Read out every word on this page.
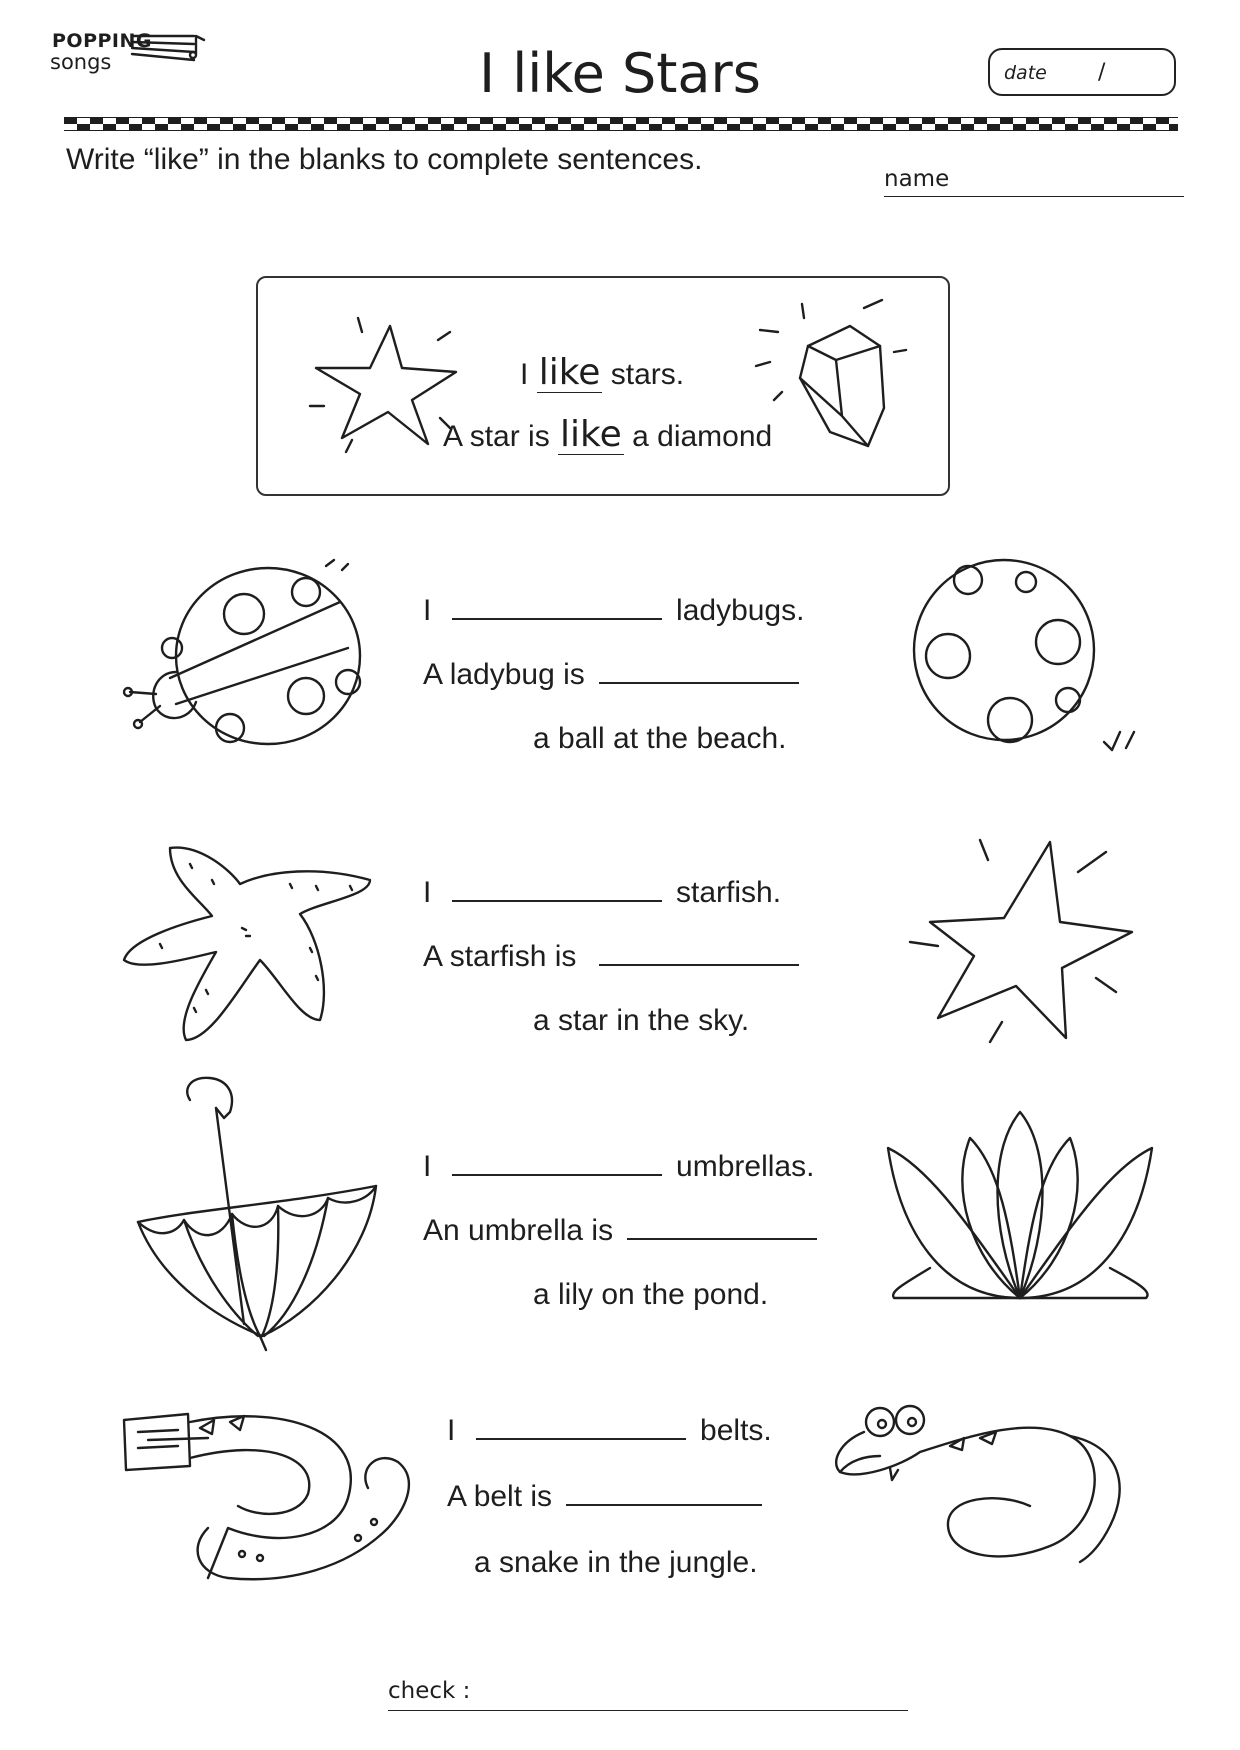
POPPING
songs	I like Stars	date /
Write “like” in the blanks to complete sentences.
name
I like stars.
A star is like a diamond
I	ladybugs.
A ladybug is
a ball at the beach.
I	starfish.
A starfish is
a star in the sky.
I	umbrellas.
An umbrella is
a lily on the pond.
I	belts.
A belt is
a snake in the jungle.
check :
